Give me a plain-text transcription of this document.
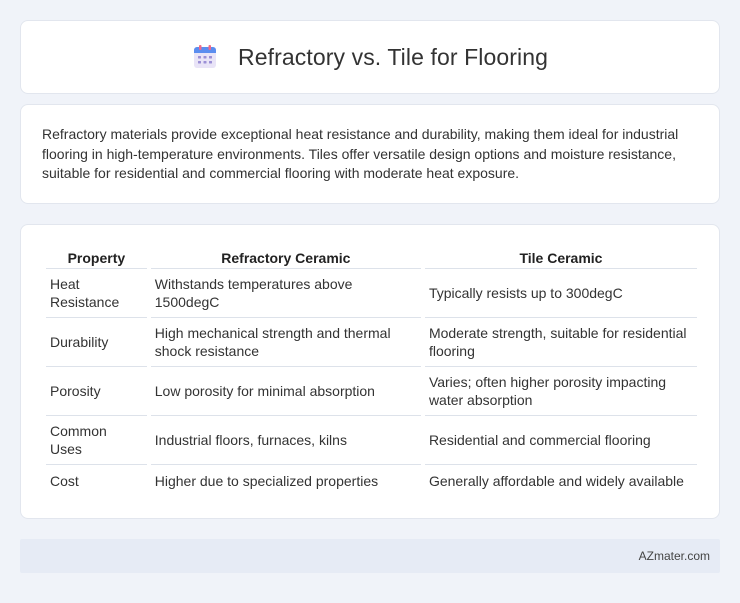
Refractory vs. Tile for Flooring

Refractory materials provide exceptional heat resistance and durability, making them ideal for industrial flooring in high-temperature environments. Tiles offer versatile design options and moisture resistance, suitable for residential and commercial flooring with moderate heat exposure.

Property	Refractory Ceramic	Tile Ceramic
Heat Resistance	Withstands temperatures above 1500degC	Typically resists up to 300degC
Durability	High mechanical strength and thermal shock resistance	Moderate strength, suitable for residential flooring
Porosity	Low porosity for minimal absorption	Varies; often higher porosity impacting water absorption
Common Uses	Industrial floors, furnaces, kilns	Residential and commercial flooring
Cost	Higher due to specialized properties	Generally affordable and widely available
AZmater.com
